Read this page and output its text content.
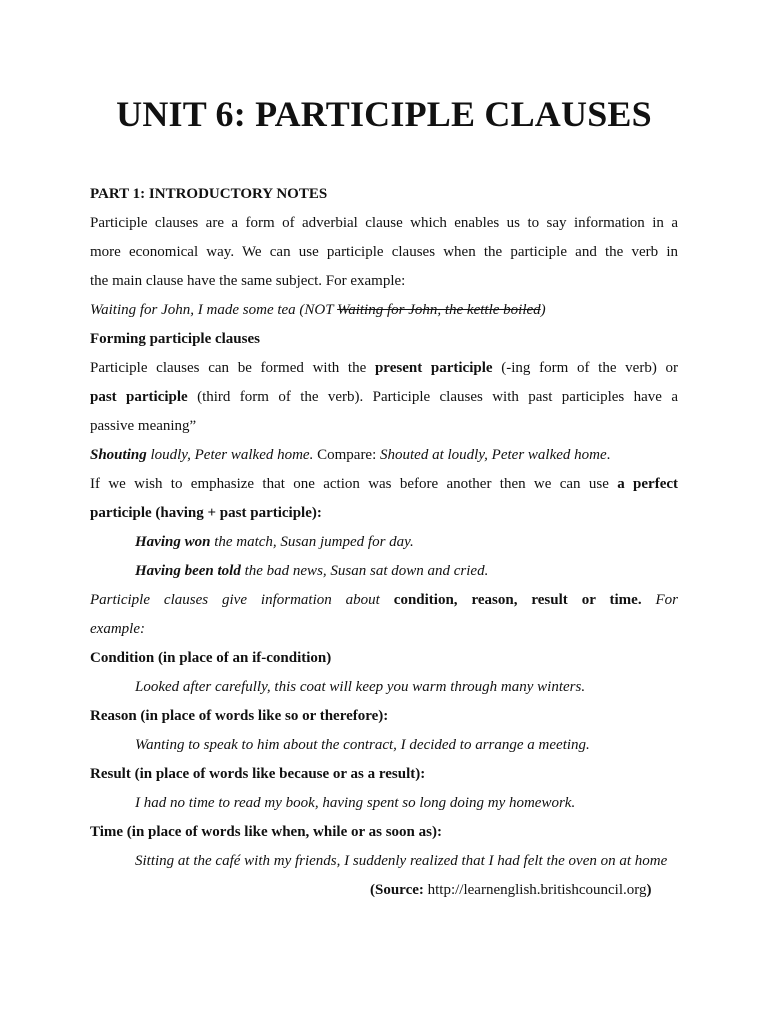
UNIT 6: PARTICIPLE CLAUSES

PART 1: INTRODUCTORY NOTES

Participle clauses are a form of adverbial clause which enables us to say information in a

more economical way. We can use participle clauses when the participle and the verb in

the main clause have the same subject. For example:

Waiting for John, I made some tea (NOT Waiting for John, the kettle boiled)

Forming participle clauses

Participle clauses can be formed with the present participle (-ing form of the verb) or

past participle (third form of the verb). Participle clauses with past participles have a

passive meaning”

Shouting loudly, Peter walked home. Compare: Shouted at loudly, Peter walked home.

If we wish to emphasize that one action was before another then we can use a perfect

participle (having + past participle):

Having won the match, Susan jumped for day.

Having been told the bad news, Susan sat down and cried.

Participle clauses give information about condition, reason, result or time. For

example:

Condition (in place of an if-condition)

Looked after carefully, this coat will keep you warm through many winters.

Reason (in place of words like so or therefore):

Wanting to speak to him about the contract, I decided to arrange a meeting.

Result (in place of words like because or as a result):

I had no time to read my book, having spent so long doing my homework.

Time (in place of words like when, while or as soon as):

Sitting at the café with my friends, I suddenly realized that I had felt the oven on at home

(Source: http://learnenglish.britishcouncil.org)
